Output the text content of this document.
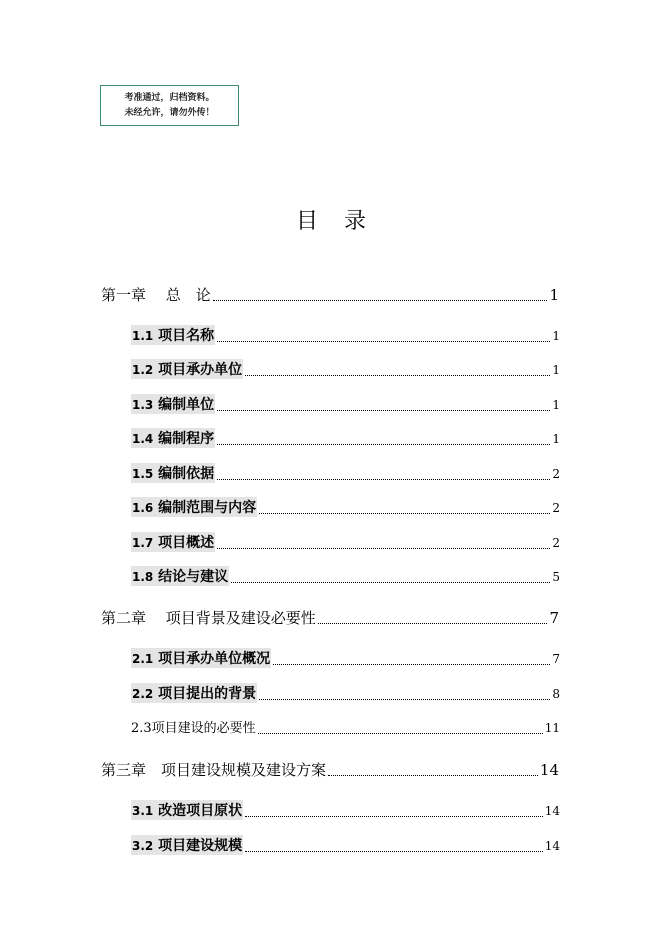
考准通过，归档资料。
未经允许，请勿外传！
目录
第一章　 总　论	1
1.1 项目名称	1
1.2 项目承办单位	1
1.3 编制单位	1
1.4 编制程序	1
1.5 编制依据	2
1.6 编制范围与内容	2
1.7 项目概述	2
1.8 结论与建议	5
第二章　 项目背景及建设必要性	7
2.1 项目承办单位概况	7
2.2 项目提出的背景	8
2.3项目建设的必要性	11
第三章　项目建设规模及建设方案	14
3.1 改造项目原状	14
3.2 项目建设规模	14
